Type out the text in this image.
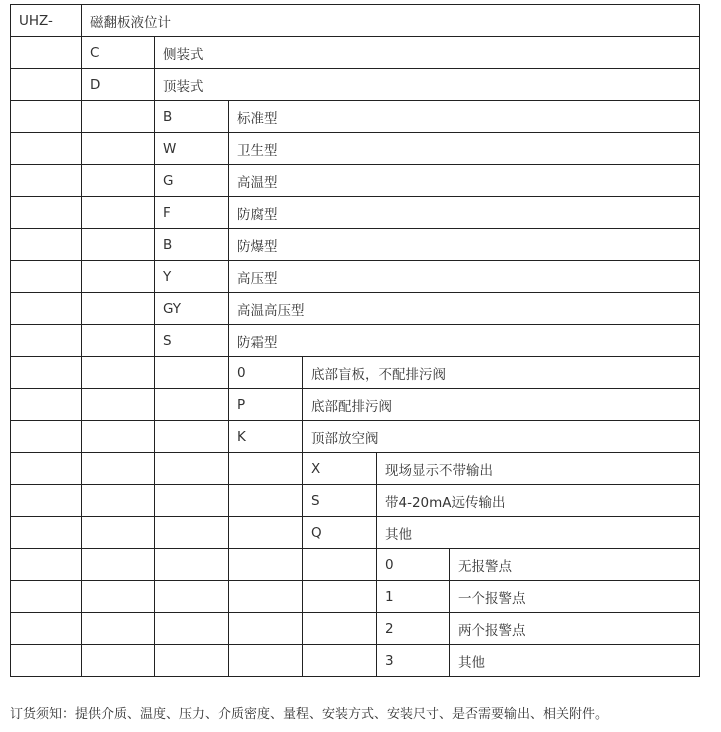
UHZ-	磁翻板液位计					
	C	侧装式				
	D	顶装式				
		B	标准型			
		W	卫生型			
		G	高温型			
		F	防腐型			
		B	防爆型			
		Y	高压型			
		GY	高温高压型			
		S	防霜型			
			0	底部盲板，不配排污阀		
			P	底部配排污阀		
			K	顶部放空阀		
				X	现场显示不带输出	
				S	带4-20mA远传输出	
				Q	其他	
					0	无报警点
					1	一个报警点
					2	两个报警点
					3	其他
订货须知：提供介质、温度、压力、介质密度、量程、安装方式、安装尺寸、是否需要输出、相关附件。
